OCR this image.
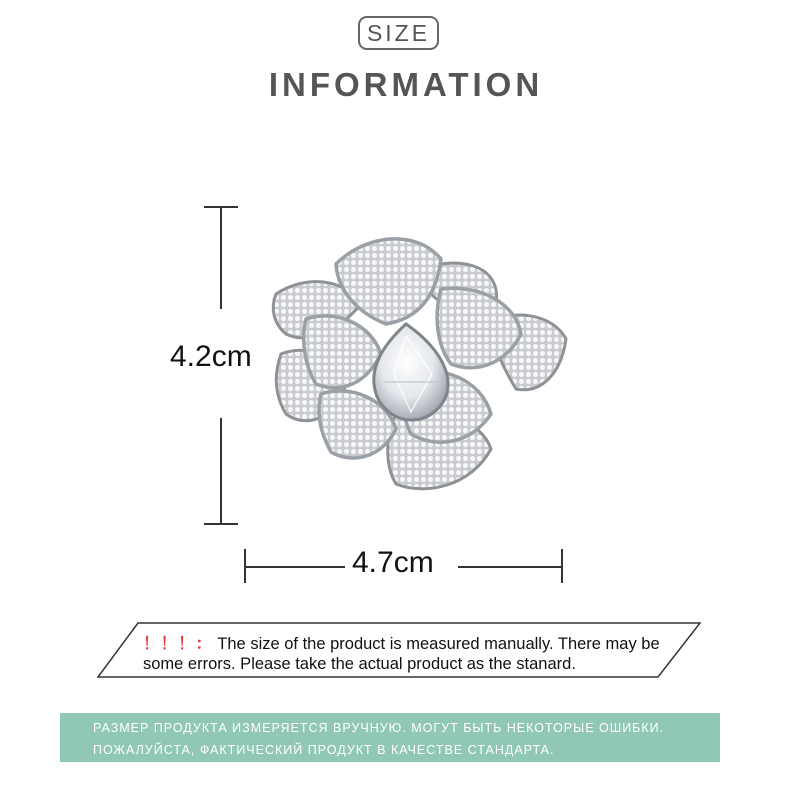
SIZE
INFORMATION
4.2cm
4.7cm
！！！： The size of the product is measured manually. There may be some errors. Please take the actual product as the stanard.
РАЗМЕР ПРОДУКТА ИЗМЕРЯЕТСЯ ВРУЧНУЮ. МОГУТ БЫТЬ НЕКОТОРЫЕ ОШИБКИ.
ПОЖАЛУЙСТА, ФАКТИЧЕСКИЙ ПРОДУКТ В КАЧЕСТВЕ СТАНДАРТА.
